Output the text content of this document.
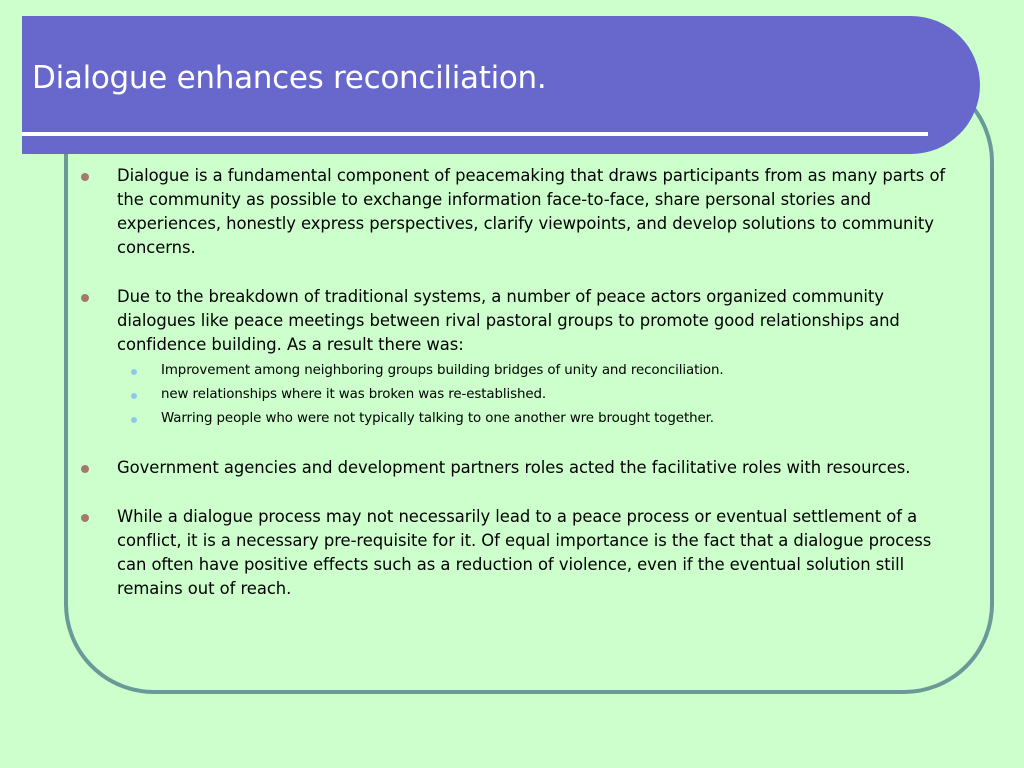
Dialogue enhances reconciliation.
Dialogue is a fundamental component of peacemaking that draws participants from as many parts of the community as possible to exchange information face-to-face, share personal stories and experiences, honestly express perspectives, clarify viewpoints, and develop solutions to community concerns.
Due to the breakdown of traditional systems, a number of peace actors organized community dialogues like peace meetings between rival pastoral groups to promote good relationships and confidence building. As a result there was:
Improvement among neighboring groups building bridges of unity and reconciliation.
new relationships where it was broken was re-established.
Warring people who were not typically talking to one another wre brought together.
Government agencies and development partners roles acted the facilitative roles with resources.
While a dialogue process may not necessarily lead to a peace process or eventual settlement of a conflict, it is a necessary pre-requisite for it. Of equal importance is the fact that a dialogue process can often have positive effects such as a reduction of violence, even if the eventual solution still remains out of reach.
